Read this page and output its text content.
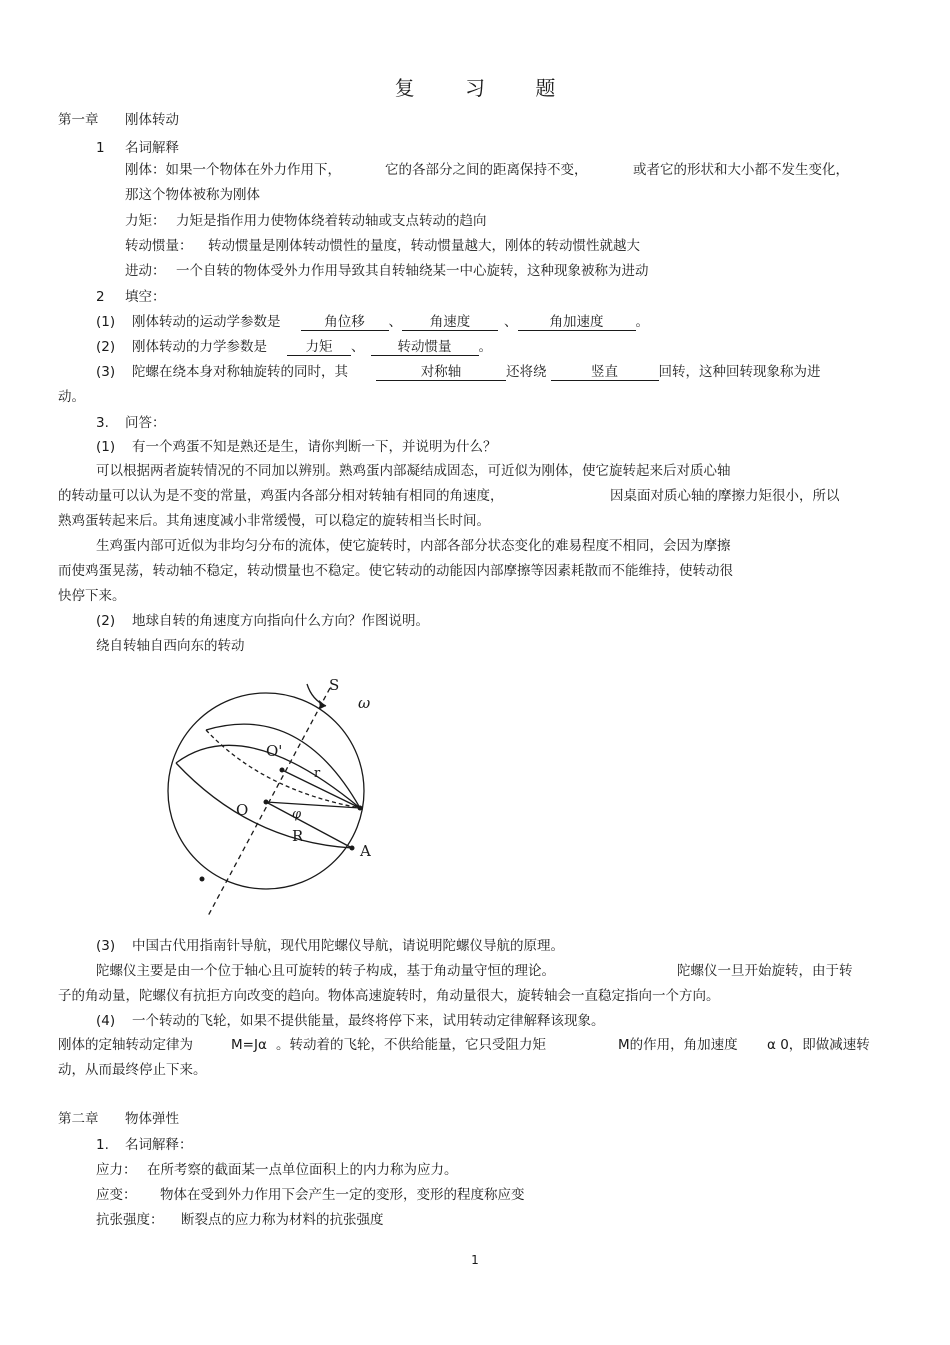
复 习 题
第一章 刚体转动
1 名词解释
刚体：如果一个物体在外力作用下，	它的各部分之间的距离保持不变，	或者它的形状和大小都不发生变化，
那这个物体被称为刚体
力矩： 力矩是指作用力使物体绕着转动轴或支点转动的趋向
转动惯量： 转动惯量是刚体转动惯性的量度，转动惯量越大，刚体的转动惯性就越大
进动： 一个自转的物体受外力作用导致其自转轴绕某一中心旋转，这种现象被称为进动
2 填空：
(1) 刚体转动的运动学参数是	角位移 、 角速度	、 角加速度 。
(2) 刚体转动的力学参数是	力矩 、 转动惯量 。
(3) 陀螺在绕本身对称轴旋转的同时，其	对称轴	还将绕	竖直	回转，这种回转现象称为进
动。
3. 问答：
(1) 有一个鸡蛋不知是熟还是生，请你判断一下，并说明为什么？
可以根据两者旋转情况的不同加以辨别。熟鸡蛋内部凝结成固态，可近似为刚体，使它旋转起来后对质心轴
的转动量可以认为是不变的常量，鸡蛋内各部分相对转轴有相同的角速度，	因桌面对质心轴的摩擦力矩很小，所以
熟鸡蛋转起来后。其角速度减小非常缓慢，可以稳定的旋转相当长时间。
生鸡蛋内部可近似为非均匀分布的流体，使它旋转时，内部各部分状态变化的难易程度不相同，会因为摩擦
而使鸡蛋晃荡，转动轴不稳定，转动惯量也不稳定。使它转动的动能因内部摩擦等因素耗散而不能维持，使转动很
快停下来。
(2) 地球自转的角速度方向指向什么方向？作图说明。
绕自转轴自西向东的转动
S
ω
O'
O
r
φ
R
A
(3) 中国古代用指南针导航，现代用陀螺仪导航，请说明陀螺仪导航的原理。
陀螺仪主要是由一个位于轴心且可旋转的转子构成，基于角动量守恒的理论。	陀螺仪一旦开始旋转，由于转
子的角动量，陀螺仪有抗拒方向改变的趋向。物体高速旋转时，角动量很大，旋转轴会一直稳定指向一个方向。
(4) 一个转动的飞轮，如果不提供能量，最终将停下来，试用转动定律解释该现象。
刚体的定轴转动定律为	M=Jα 。转动着的飞轮，不供给能量，它只受阻力矩	M的作用，角加速度 α 0，即做减速转
动，从而最终停止下来。
第二章 物体弹性
1. 名词解释：
应力： 在所考察的截面某一点单位面积上的内力称为应力。
应变： 物体在受到外力作用下会产生一定的变形，变形的程度称应变
抗张强度： 断裂点的应力称为材料的抗张强度
1
